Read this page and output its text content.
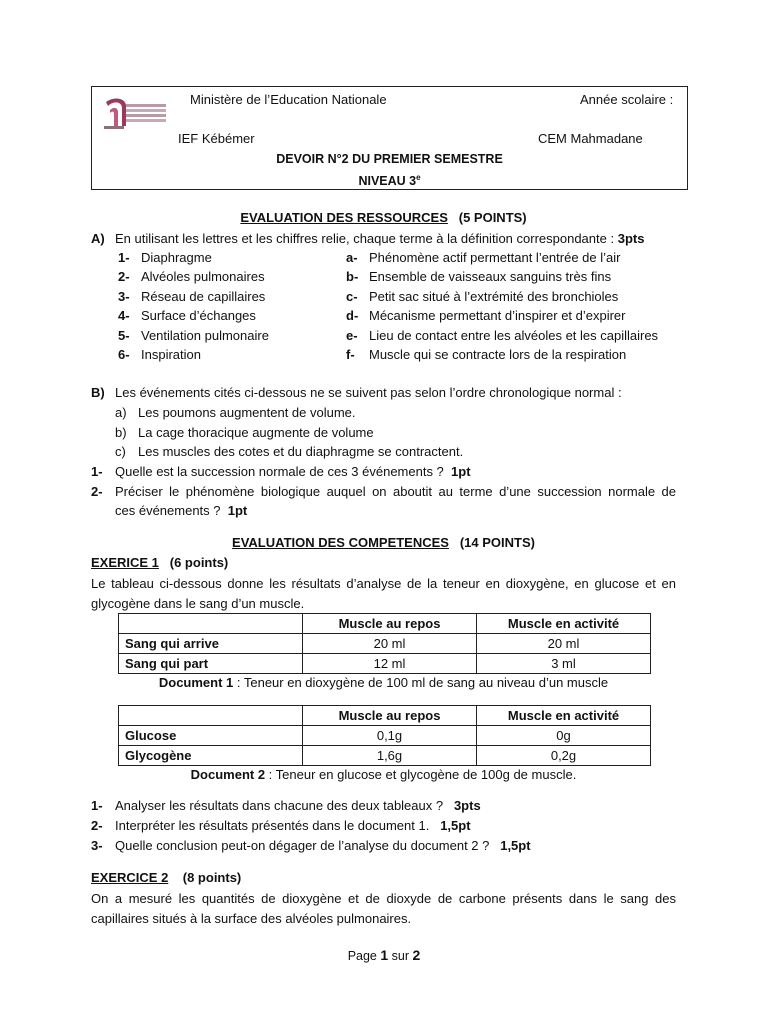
Ministère de l’Education Nationale	Année scolaire :
IEF Kébémer	CEM Mahmadane
DEVOIR N°2 DU PREMIER SEMESTRE
NIVEAU 3e
EVALUATION DES RESSOURCES (5 POINTS)
A) En utilisant les lettres et les chiffres relie, chaque terme à la définition correspondante : 3pts
1- Diaphragme
2- Alvéoles pulmonaires
3- Réseau de capillaires
4- Surface d’échanges
5- Ventilation pulmonaire
6- Inspiration
a- Phénomène actif permettant l’entrée de l’air
b- Ensemble de vaisseaux sanguins très fins
c- Petit sac situé à l’extrémité des bronchioles
d- Mécanisme permettant d’inspirer et d’expirer
e- Lieu de contact entre les alvéoles et les capillaires
f- Muscle qui se contracte lors de la respiration
B) Les événements cités ci-dessous ne se suivent pas selon l’ordre chronologique normal :
a) Les poumons augmentent de volume.
b) La cage thoracique augmente de volume
c) Les muscles des cotes et du diaphragme se contractent.
1- Quelle est la succession normale de ces 3 événements ? 1pt
2- Préciser le phénomène biologique auquel on aboutit au terme d’une succession normale de
ces événements ? 1pt
EVALUATION DES COMPETENCES (14 POINTS)
EXERICE 1 (6 points)
Le tableau ci-dessous donne les résultats d’analyse de la teneur en dioxygène, en glucose et en glycogène dans le sang d’un muscle.
	Muscle au repos	Muscle en activité
Sang qui arrive	20 ml	20 ml
Sang qui part	12 ml	3 ml
Document 1 : Teneur en dioxygène de 100 ml de sang au niveau d’un muscle
	Muscle au repos	Muscle en activité
Glucose	0,1g	0g
Glycogène	1,6g	0,2g
Document 2 : Teneur en glucose et glycogène de 100g de muscle.
1- Analyser les résultats dans chacune des deux tableaux ? 3pts
2- Interpréter les résultats présentés dans le document 1. 1,5pt
3- Quelle conclusion peut-on dégager de l’analyse du document 2 ? 1,5pt
EXERCICE 2 (8 points)
On a mesuré les quantités de dioxygène et de dioxyde de carbone présents dans le sang des capillaires situés à la surface des alvéoles pulmonaires.
Page 1 sur 2
